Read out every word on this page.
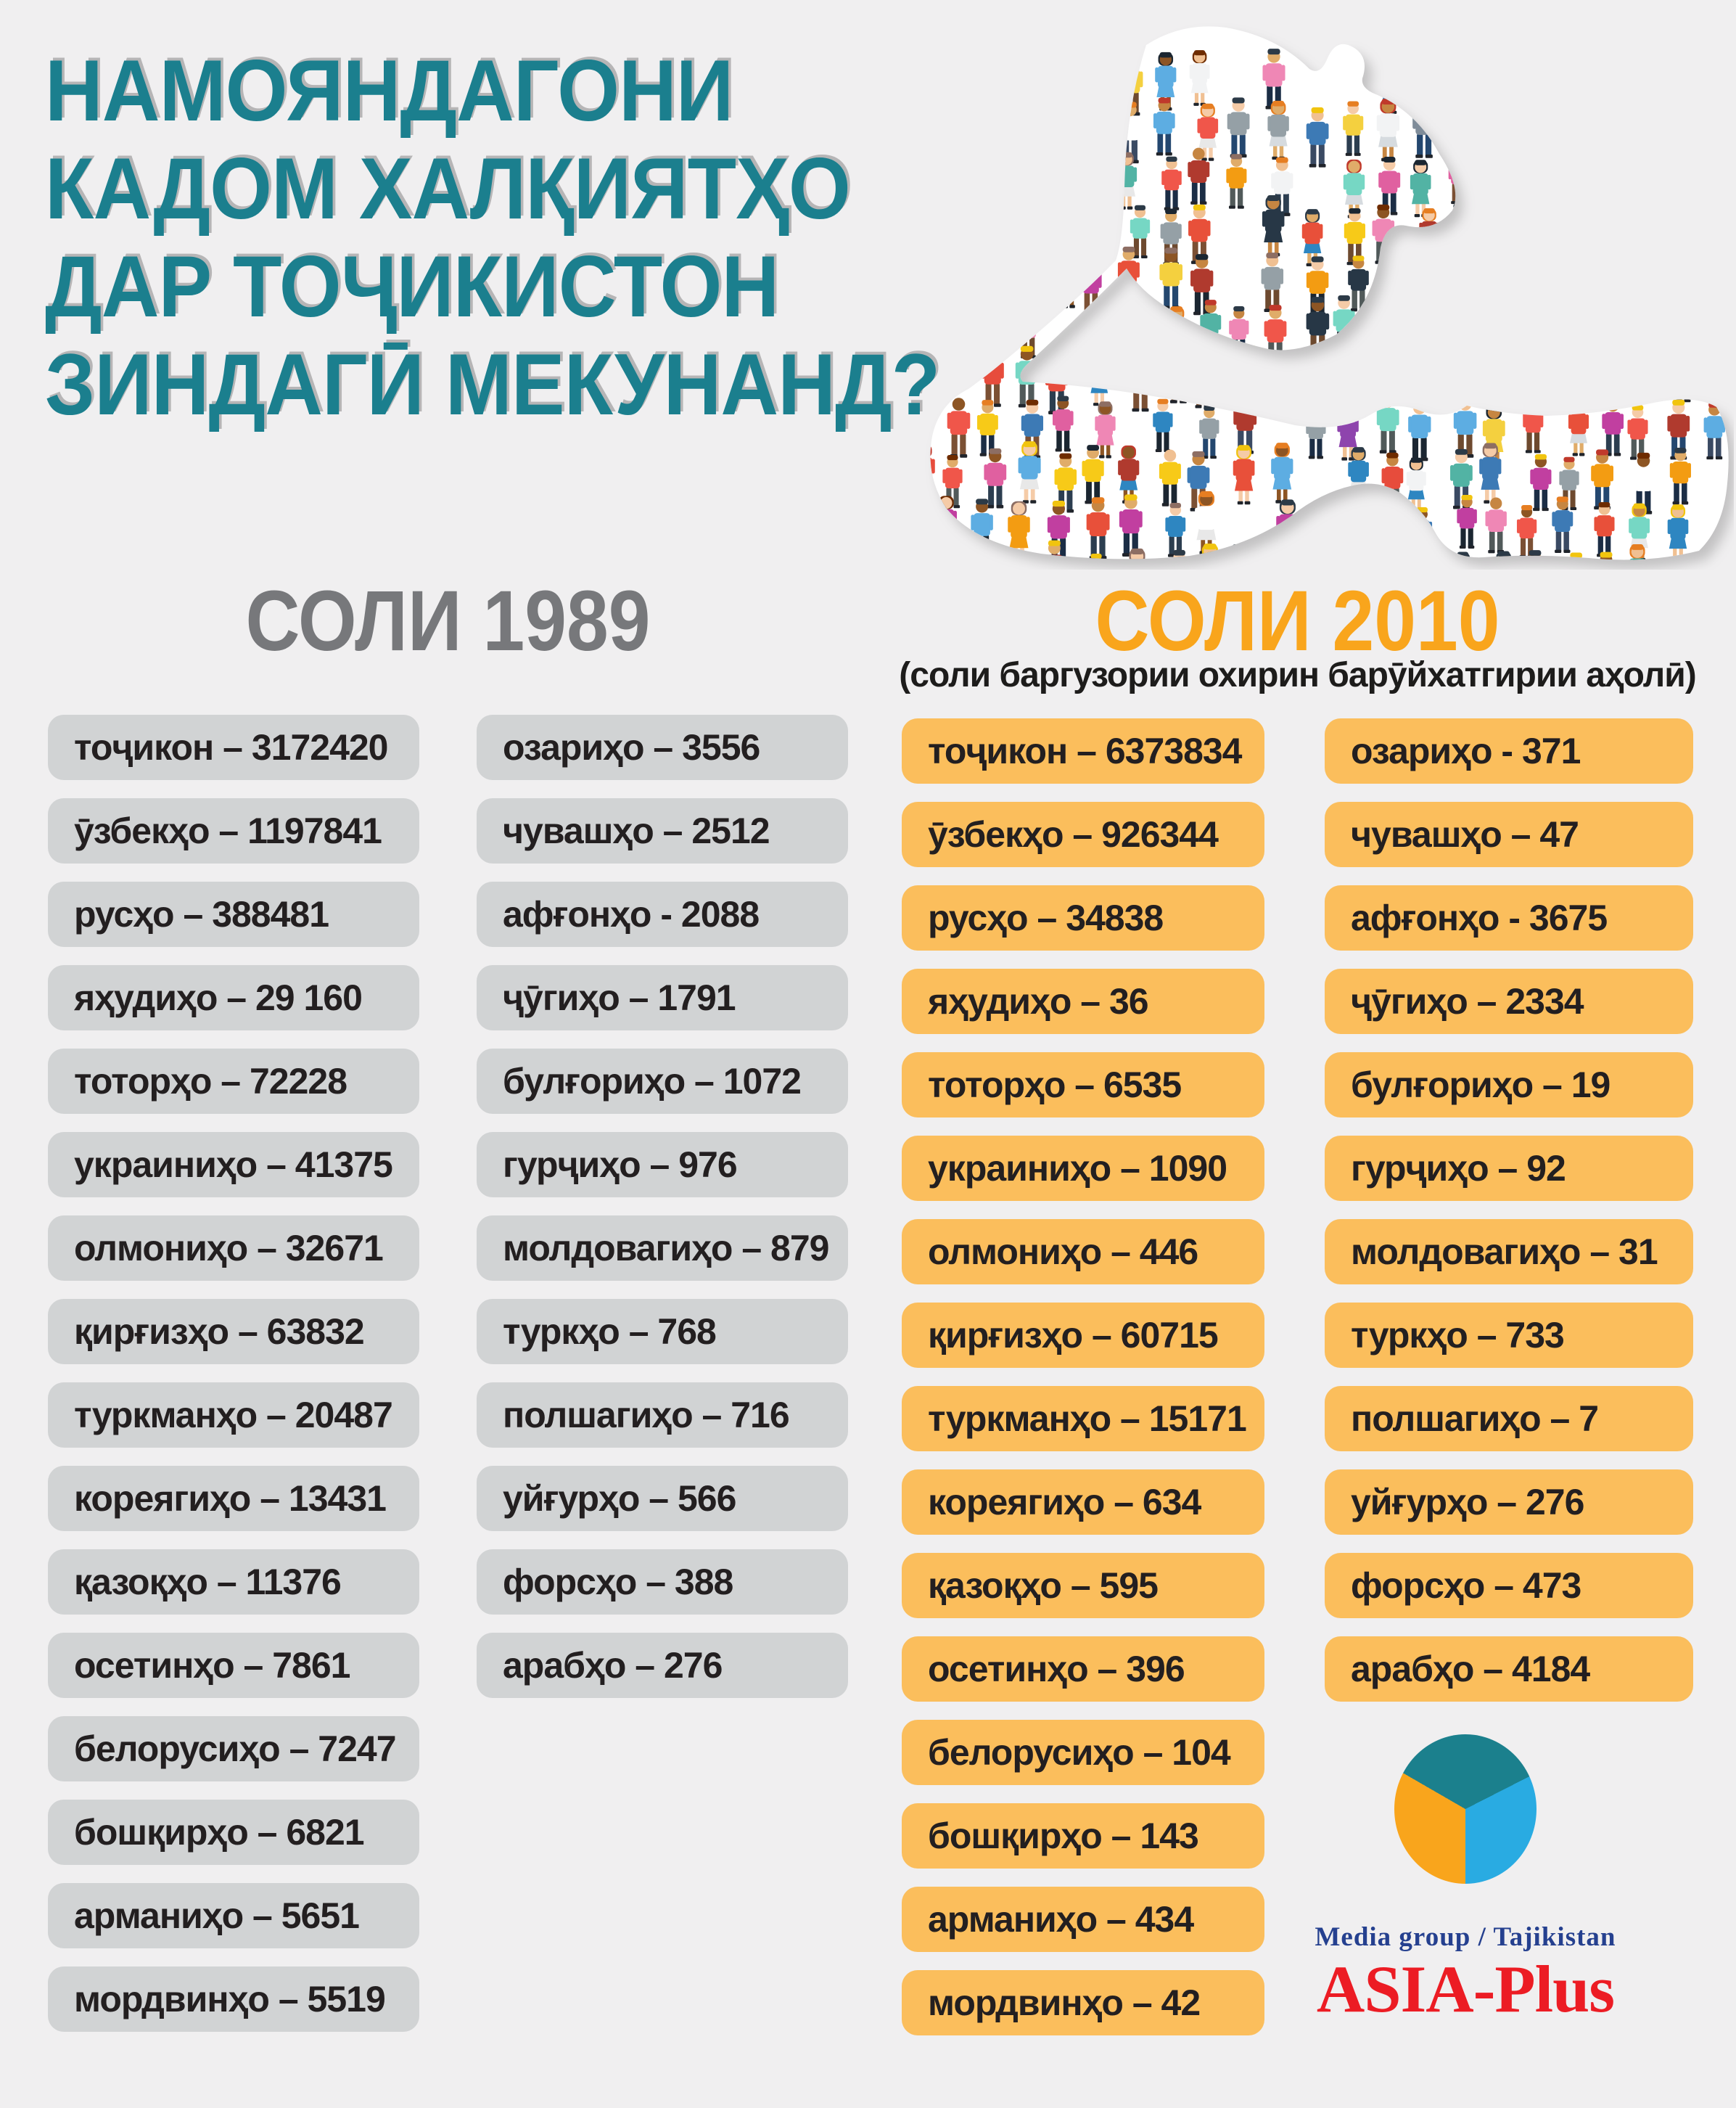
НАМОЯНДАГОНИ
КАДОМ ХАЛҚИЯТҲО
ДАР ТОҶИКИСТОН
ЗИНДАГӢ МЕКУНАНД?
СОЛИ 1989	СОЛИ 2010
(соли баргузории охирин барӯйхатгирии аҳолӣ)
тоҷикон – 3172420
ӯзбекҳо – 1197841
русҳо – 388481
яҳудиҳо – 29 160
тоторҳо – 72228
украиниҳо – 41375
олмониҳо – 32671
қирғизҳо – 63832
туркманҳо – 20487
кореягиҳо – 13431
қазоқҳо – 11376
осетинҳо – 7861
белорусиҳо – 7247
бошқирҳо – 6821
арманиҳо – 5651
мордвинҳо – 5519
озариҳо – 3556
чувашҳо – 2512
афғонҳо - 2088
ҷӯгиҳо – 1791
булғориҳо – 1072
гурҷиҳо – 976
молдовагиҳо – 879
туркҳо – 768
полшагиҳо – 716
уйғурҳо – 566
форсҳо – 388
арабҳо – 276
тоҷикон – 6373834
ӯзбекҳо – 926344
русҳо – 34838
яҳудиҳо – 36
тоторҳо – 6535
украиниҳо – 1090
олмониҳо – 446
қирғизҳо – 60715
туркманҳо – 15171
кореягиҳо – 634
қазоқҳо – 595
осетинҳо – 396
белорусиҳо – 104
бошқирҳо – 143
арманиҳо – 434
мордвинҳо – 42
озариҳо - 371
чувашҳо – 47
афғонҳо - 3675
ҷӯгиҳо – 2334
булғориҳо – 19
гурҷиҳо – 92
молдовагиҳо – 31
туркҳо – 733
полшагиҳо – 7
уйғурҳо – 276
форсҳо – 473
арабҳо – 4184
Media group / Tajikistan
ASIA-Plus
